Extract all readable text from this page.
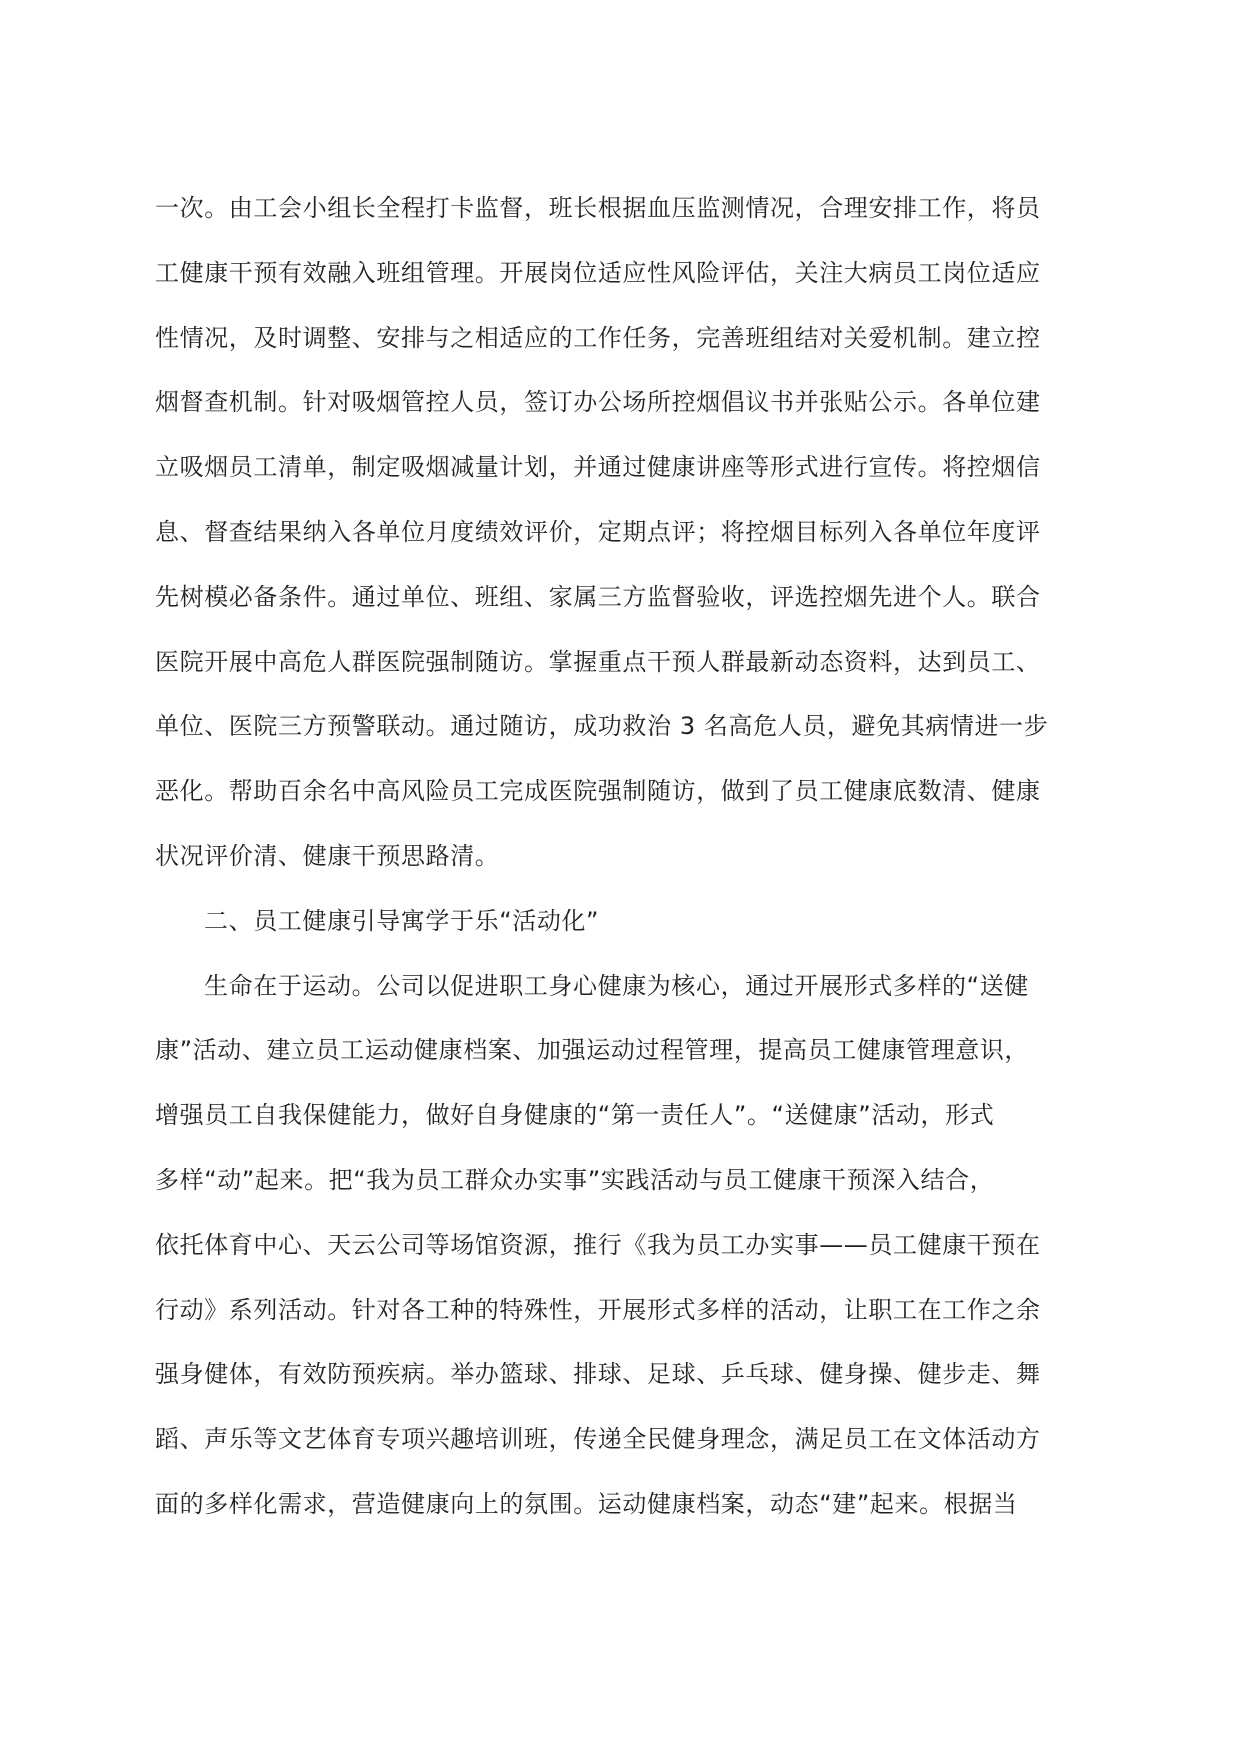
一次。由工会小组长全程打卡监督，班长根据血压监测情况，合理安排工作，将员
工健康干预有效融入班组管理。开展岗位适应性风险评估，关注大病员工岗位适应
性情况，及时调整、安排与之相适应的工作任务，完善班组结对关爱机制。建立控
烟督查机制。针对吸烟管控人员，签订办公场所控烟倡议书并张贴公示。各单位建
立吸烟员工清单，制定吸烟减量计划，并通过健康讲座等形式进行宣传。将控烟信
息、督查结果纳入各单位月度绩效评价，定期点评；将控烟目标列入各单位年度评
先树模必备条件。通过单位、班组、家属三方监督验收，评选控烟先进个人。联合
医院开展中高危人群医院强制随访。掌握重点干预人群最新动态资料，达到员工、
单位、医院三方预警联动。通过随访，成功救治 3 名高危人员，避免其病情进一步
恶化。帮助百余名中高风险员工完成医院强制随访，做到了员工健康底数清、健康
状况评价清、健康干预思路清。
二、员工健康引导寓学于乐“活动化”
生命在于运动。公司以促进职工身心健康为核心，通过开展形式多样的“送健
康”活动、建立员工运动健康档案、加强运动过程管理，提高员工健康管理意识，
增强员工自我保健能力，做好自身健康的“第一责任人”。“送健康”活动，形式
多样“动”起来。把“我为员工群众办实事”实践活动与员工健康干预深入结合，
依托体育中心、天云公司等场馆资源，推行《我为员工办实事——员工健康干预在
行动》系列活动。针对各工种的特殊性，开展形式多样的活动，让职工在工作之余
强身健体，有效防预疾病。举办篮球、排球、足球、乒乓球、健身操、健步走、舞
蹈、声乐等文艺体育专项兴趣培训班，传递全民健身理念，满足员工在文体活动方
面的多样化需求，营造健康向上的氛围。运动健康档案，动态“建”起来。根据当
